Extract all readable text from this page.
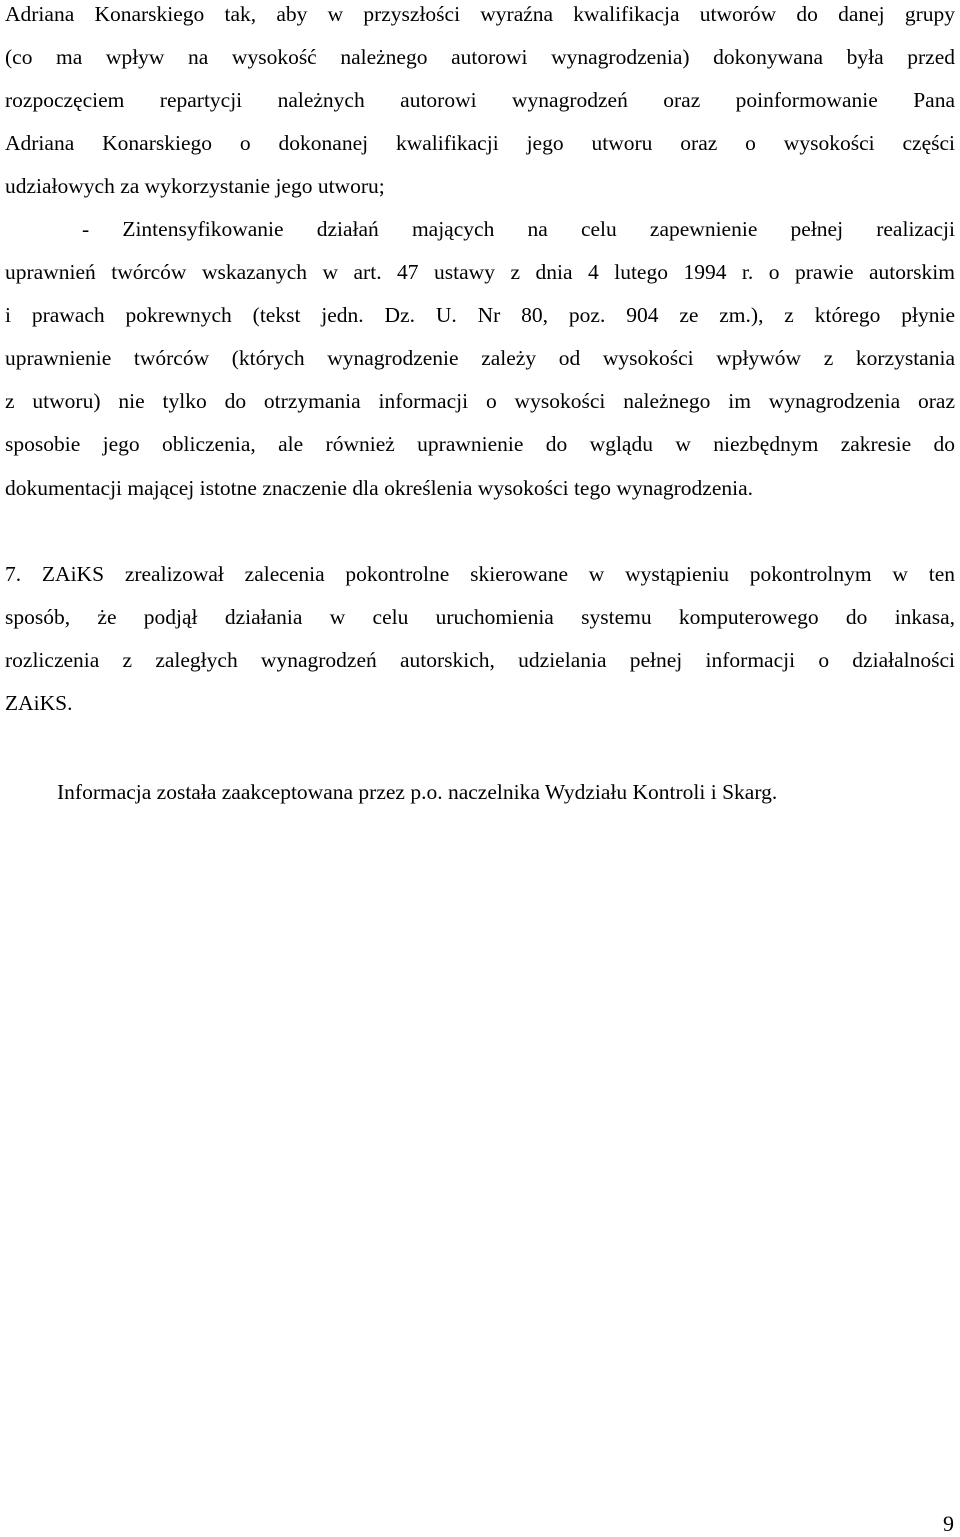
Adriana Konarskiego tak, aby w przyszłości wyraźna kwalifikacja utworów do danej grupy
(co ma wpływ na wysokość należnego autorowi wynagrodzenia) dokonywana była przed
rozpoczęciem repartycji należnych autorowi wynagrodzeń oraz poinformowanie Pana
Adriana Konarskiego o dokonanej kwalifikacji jego utworu oraz o wysokości części
udziałowych za wykorzystanie jego utworu;
- Zintensyfikowanie działań mających na celu zapewnienie pełnej realizacji
uprawnień twórców wskazanych w art. 47 ustawy z dnia 4 lutego 1994 r. o prawie autorskim
i prawach pokrewnych (tekst jedn. Dz. U. Nr 80, poz. 904 ze zm.), z którego płynie
uprawnienie twórców (których wynagrodzenie zależy od wysokości wpływów z korzystania
z utworu) nie tylko do otrzymania informacji o wysokości należnego im wynagrodzenia oraz
sposobie jego obliczenia, ale również uprawnienie do wglądu w niezbędnym zakresie do
dokumentacji mającej istotne znaczenie dla określenia wysokości tego wynagrodzenia.
7. ZAiKS zrealizował zalecenia pokontrolne skierowane w wystąpieniu pokontrolnym w ten
sposób, że podjął działania w celu uruchomienia systemu komputerowego do inkasa,
rozliczenia z zaległych wynagrodzeń autorskich, udzielania pełnej informacji o działalności
ZAiKS.
Informacja została zaakceptowana przez p.o. naczelnika Wydziału Kontroli i Skarg.
9
